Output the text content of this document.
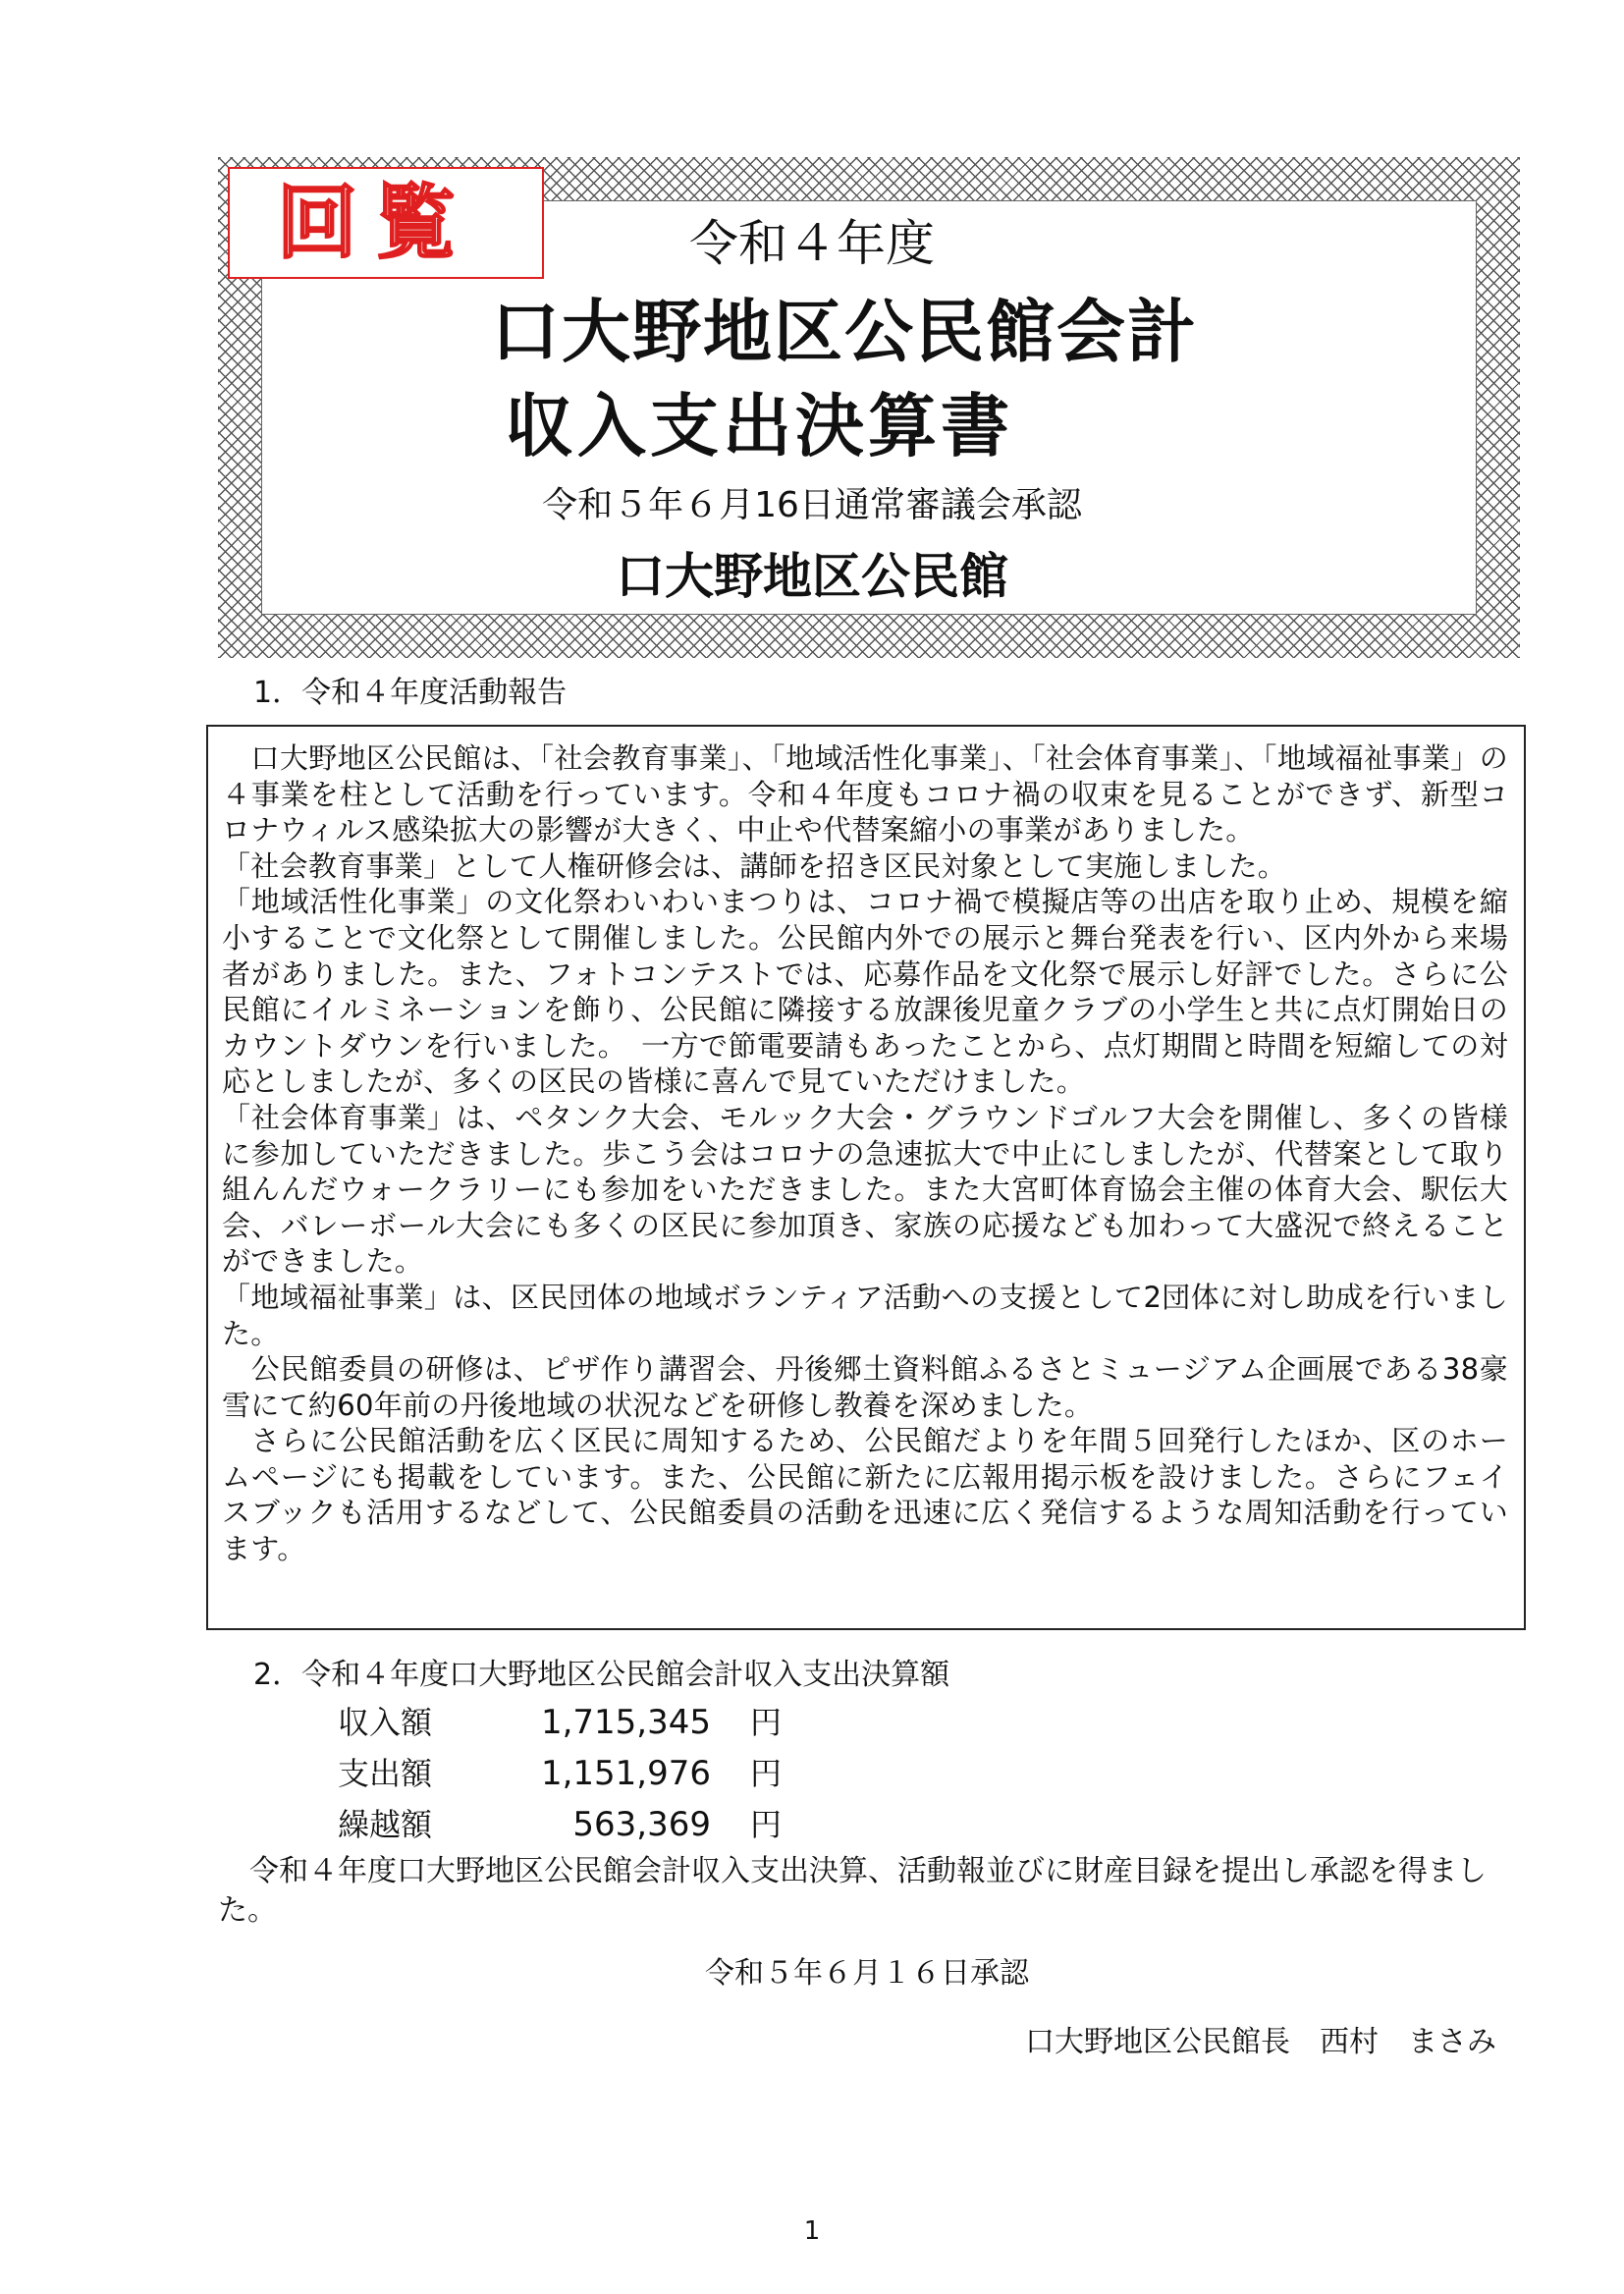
回覧	令和４年度
口大野地区公民館会計
収入支出決算書
令和５年６月16日通常審議会承認
口大野地区公民館
1．令和４年度活動報告

　口大野地区公民館は、「社会教育事業」、「地域活性化事業」、「社会体育事業」、「地域福祉事業」の４事業を柱として活動を行っています。令和４年度もコロナ禍の収束を見ることができず、新型コロナウィルス感染拡大の影響が大きく、中止や代替案縮小の事業がありました。

「社会教育事業」として人権研修会は、講師を招き区民対象として実施しました。

「地域活性化事業」の文化祭わいわいまつりは、コロナ禍で模擬店等の出店を取り止め、規模を縮小することで文化祭として開催しました。公民館内外での展示と舞台発表を行い、区内外から来場者がありました。また、フォトコンテストでは、応募作品を文化祭で展示し好評でした。さらに公民館にイルミネーションを飾り、公民館に隣接する放課後児童クラブの小学生と共に点灯開始日のカウントダウンを行いました。　一方で節電要請もあったことから、点灯期間と時間を短縮しての対応としましたが、多くの区民の皆様に喜んで見ていただけました。

「社会体育事業」は、ペタンク大会、モルック大会・グラウンドゴルフ大会を開催し、多くの皆様に参加していただきました。歩こう会はコロナの急速拡大で中止にしましたが、代替案として取り組んんだウォークラリーにも参加をいただきました。また大宮町体育協会主催の体育大会、駅伝大会、バレーボール大会にも多くの区民に参加頂き、家族の応援なども加わって大盛況で終えることができました。

「地域福祉事業」は、区民団体の地域ボランティア活動への支援として2団体に対し助成を行いました。

　公民館委員の研修は、ピザ作り講習会、丹後郷土資料館ふるさとミュージアム企画展である38豪雪にて約60年前の丹後地域の状況などを研修し教養を深めました。

　さらに公民館活動を広く区民に周知するため、公民館だよりを年間５回発行したほか、区のホームページにも掲載をしています。また、公民館に新たに広報用掲示板を設けました。さらにフェイスブックも活用するなどして、公民館委員の活動を迅速に広く発信するような周知活動を行っています。

2．令和４年度口大野地区公民館会計収入支出決算額
収入額	1,715,345 円
支出額	1,151,976 円
繰越額	563,369 円
令和４年度口大野地区公民館会計収入支出決算、活動報並びに財産目録を提出し承認を得ました。
令和５年６月１６日承認
口大野地区公民館長　西村　まさみ
1
